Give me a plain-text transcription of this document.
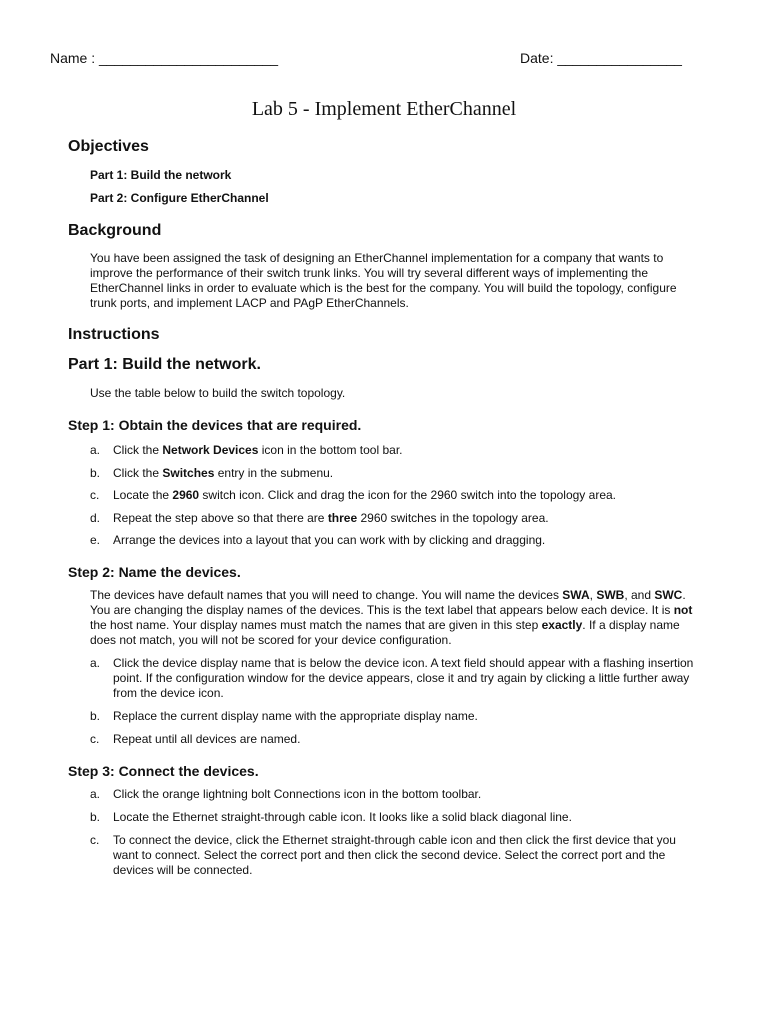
Name : _______________________	Date: ________________
Lab 5 - Implement EtherChannel
Objectives
Part 1: Build the network
Part 2: Configure EtherChannel
Background

You have been assigned the task of designing an EtherChannel implementation for a company that wants to improve the performance of their switch trunk links. You will try several different ways of implementing the EtherChannel links in order to evaluate which is the best for the company. You will build the topology, configure trunk ports, and implement LACP and PAgP EtherChannels.

Instructions
Part 1: Build the network.

Use the table below to build the switch topology.

Step 1: Obtain the devices that are required.
a.	Click the Network Devices icon in the bottom tool bar.
b.	Click the Switches entry in the submenu.
c.	Locate the 2960 switch icon. Click and drag the icon for the 2960 switch into the topology area.
d.	Repeat the step above so that there are three 2960 switches in the topology area.
e.	Arrange the devices into a layout that you can work with by clicking and dragging.
Step 2: Name the devices.

The devices have default names that you will need to change. You will name the devices SWA, SWB, and SWC. You are changing the display names of the devices. This is the text label that appears below each device. It is not the host name. Your display names must match the names that are given in this step exactly. If a display name does not match, you will not be scored for your device configuration.

a.	Click the device display name that is below the device icon. A text field should appear with a flashing insertion point. If the configuration window for the device appears, close it and try again by clicking a little further away from the device icon.
b.	Replace the current display name with the appropriate display name.
c.	Repeat until all devices are named.
Step 3: Connect the devices.
a.	Click the orange lightning bolt Connections icon in the bottom toolbar.
b.	Locate the Ethernet straight-through cable icon. It looks like a solid black diagonal line.
c.	To connect the device, click the Ethernet straight-through cable icon and then click the first device that you want to connect. Select the correct port and then click the second device. Select the correct port and the devices will be connected.
